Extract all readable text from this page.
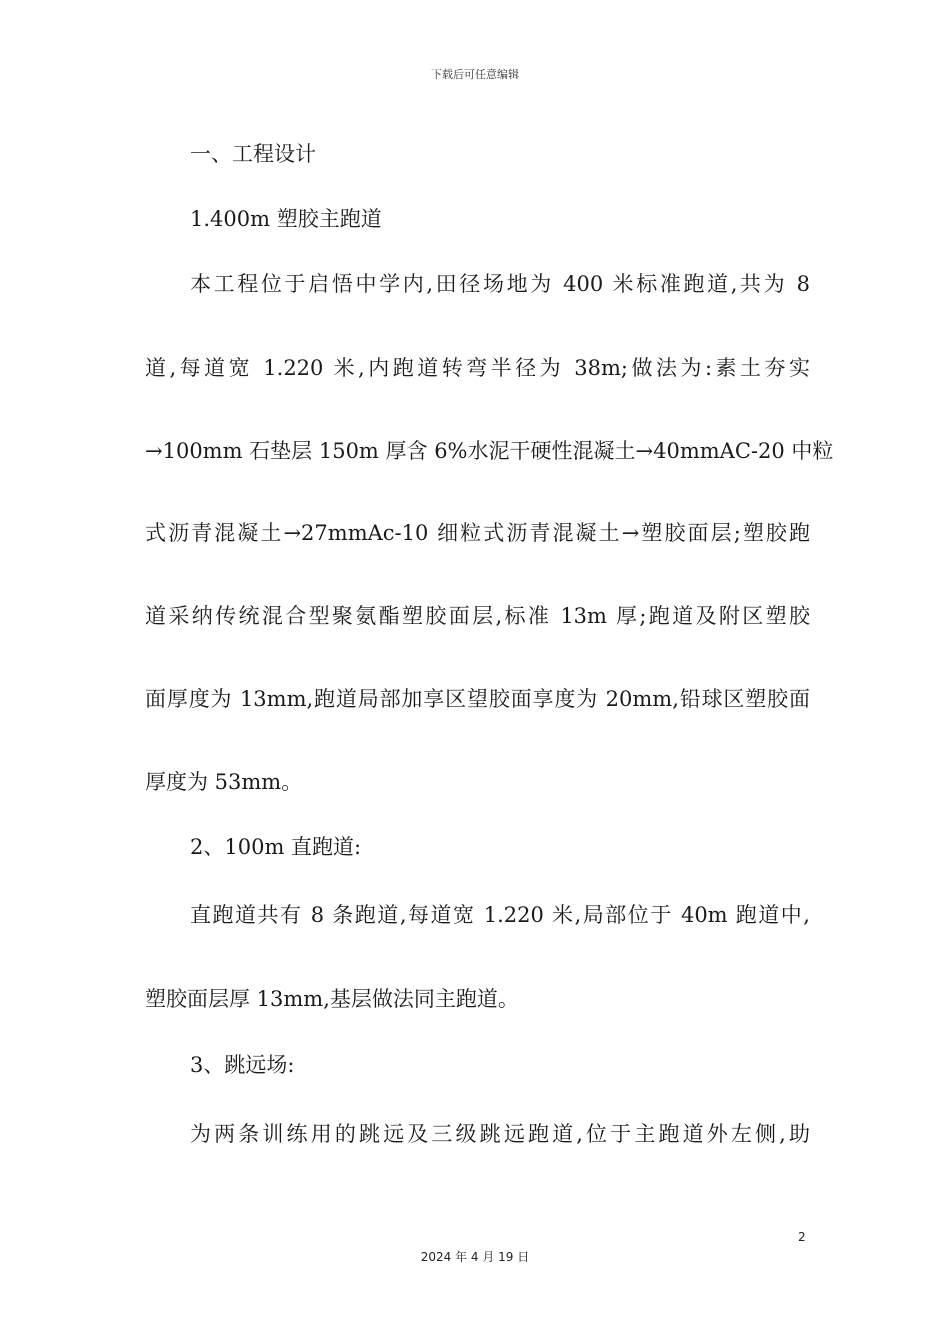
下载后可任意编辑
一、工程设计
1.400m 塑胶主跑道
本工程位于启悟中学内,田径场地为 400 米标准跑道,共为 8
道,每道宽 1.220 米,内跑道转弯半径为 38m;做法为:素土夯实
→100mm 石垫层 150m 厚含 6%水泥干硬性混凝土→40mmAC-20 中粒
式沥青混凝土→27mmAc-10 细粒式沥青混凝土→塑胶面层;塑胶跑
道采纳传统混合型聚氨酯塑胶面层,标准 13m 厚;跑道及附区塑胶
面厚度为 13mm,跑道局部加享区望胶面享度为 20mm,铅球区塑胶面
厚度为 53mm。
2、100m 直跑道:
直跑道共有 8 条跑道,每道宽 1.220 米,局部位于 40m 跑道中,
塑胶面层厚 13mm,基层做法同主跑道。
3、跳远场:
为两条训练用的跳远及三级跳远跑道,位于主跑道外左侧,助
2
2024 年 4 月 19 日
